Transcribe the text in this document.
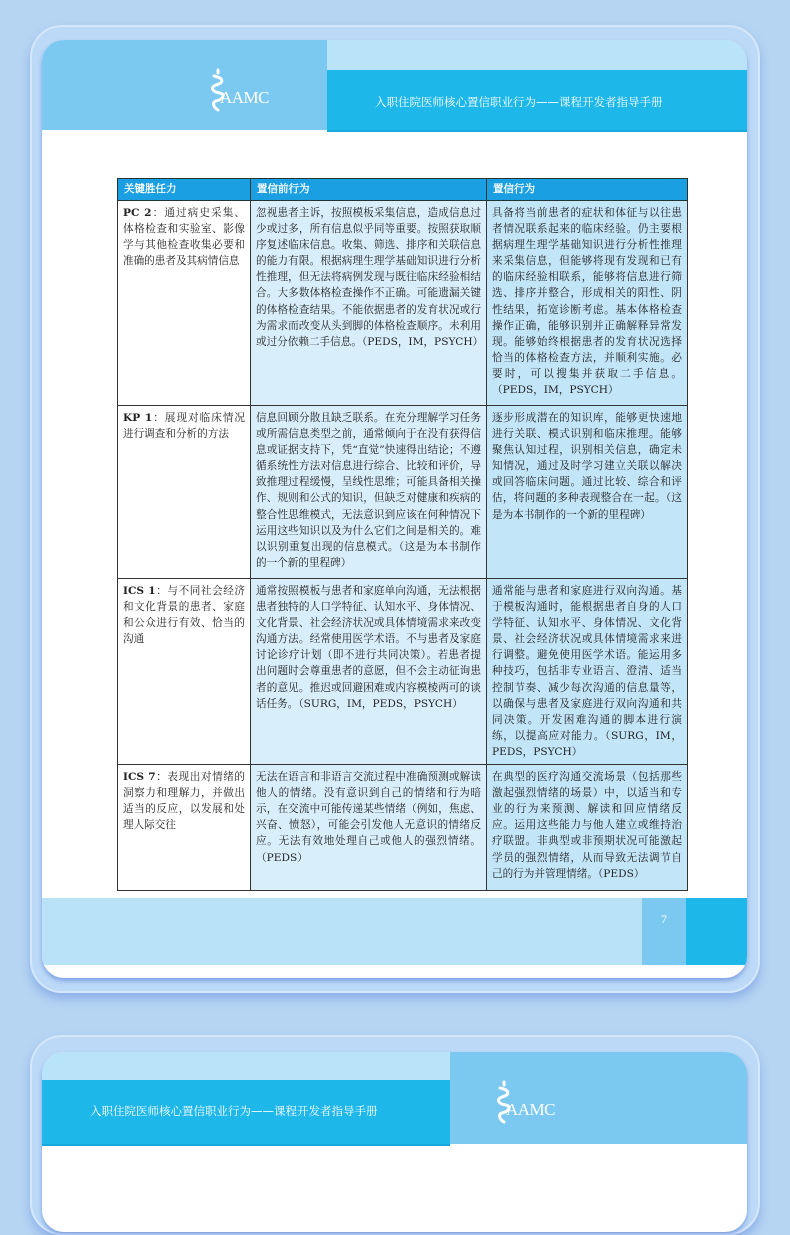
AAMC	入职住院医师核心置信职业行为——课程开发者指导手册
关键胜任力	置信前行为	置信行为
PC 2：通过病史采集、体格检查和实验室、影像学与其他检查收集必要和准确的患者及其病情信息	忽视患者主诉，按照模板采集信息，造成信息过少或过多，所有信息似乎同等重要。按照获取顺序复述临床信息。收集、筛选、排序和关联信息的能力有限。根据病理生理学基础知识进行分析性推理，但无法将病例发现与既往临床经验相结合。大多数体格检查操作不正确。可能遗漏关键的体格检查结果。不能依据患者的发育状况或行为需求而改变从头到脚的体格检查顺序。未利用或过分依赖二手信息。（PEDS，IM，PSYCH）	具备将当前患者的症状和体征与以往患者情况联系起来的临床经验。仍主要根据病理生理学基础知识进行分析性推理来采集信息，但能够将现有发现和已有的临床经验相联系，能够将信息进行筛选、排序并整合，形成相关的阳性、阴性结果，拓宽诊断考虑。基本体格检查操作正确，能够识别并正确解释异常发现。能够始终根据患者的发育状况选择恰当的体格检查方法，并顺利实施。必要时，可以搜集并获取二手信息。（PEDS，IM，PSYCH）
KP 1：展现对临床情况进行调查和分析的方法	信息回顾分散且缺乏联系。在充分理解学习任务或所需信息类型之前，通常倾向于在没有获得信息或证据支持下，凭“直觉”快速得出结论；不遵循系统性方法对信息进行综合、比较和评价，导致推理过程缓慢，呈线性思维；可能具备相关操作、规则和公式的知识，但缺乏对健康和疾病的整合性思维模式，无法意识到应该在何种情况下运用这些知识以及为什么它们之间是相关的。难以识别重复出现的信息模式。（这是为本书制作的一个新的里程碑）	逐步形成潜在的知识库，能够更快速地进行关联、模式识别和临床推理。能够聚焦认知过程，识别相关信息，确定未知情况，通过及时学习建立关联以解决或回答临床问题。通过比较、综合和评估，将问题的多种表现整合在一起。（这是为本书制作的一个新的里程碑）
ICS 1：与不同社会经济和文化背景的患者、家庭和公众进行有效、恰当的沟通	通常按照模板与患者和家庭单向沟通，无法根据患者独特的人口学特征、认知水平、身体情况、文化背景、社会经济状况或具体情境需求来改变沟通方法。经常使用医学术语。不与患者及家庭讨论诊疗计划（即不进行共同决策）。若患者提出问题时会尊重患者的意愿，但不会主动征询患者的意见。推迟或回避困难或内容模棱两可的谈话任务。（SURG，IM，PEDS，PSYCH）	通常能与患者和家庭进行双向沟通。基于模板沟通时，能根据患者自身的人口学特征、认知水平、身体情况、文化背景、社会经济状况或具体情境需求来进行调整。避免使用医学术语。能运用多种技巧，包括非专业语言、澄清、适当控制节奏、减少每次沟通的信息量等，以确保与患者及家庭进行双向沟通和共同决策。开发困难沟通的脚本进行演练，以提高应对能力。（SURG，IM，PEDS，PSYCH）
ICS 7：表现出对情绪的洞察力和理解力，并做出适当的反应，以发展和处理人际交往	无法在语言和非语言交流过程中准确预测或解读他人的情绪。没有意识到自己的情绪和行为暗示，在交流中可能传递某些情绪（例如，焦虑、兴奋、愤怒），可能会引发他人无意识的情绪反应。无法有效地处理自己或他人的强烈情绪。（PEDS）	在典型的医疗沟通交流场景（包括那些激起强烈情绪的场景）中，以适当和专业的行为来预测、解读和回应情绪反应。运用这些能力与他人建立或维持治疗联盟。非典型或非预期状况可能激起学员的强烈情绪，从而导致无法调节自己的行为并管理情绪。（PEDS）
7
入职住院医师核心置信职业行为——课程开发者指导手册	AAMC
